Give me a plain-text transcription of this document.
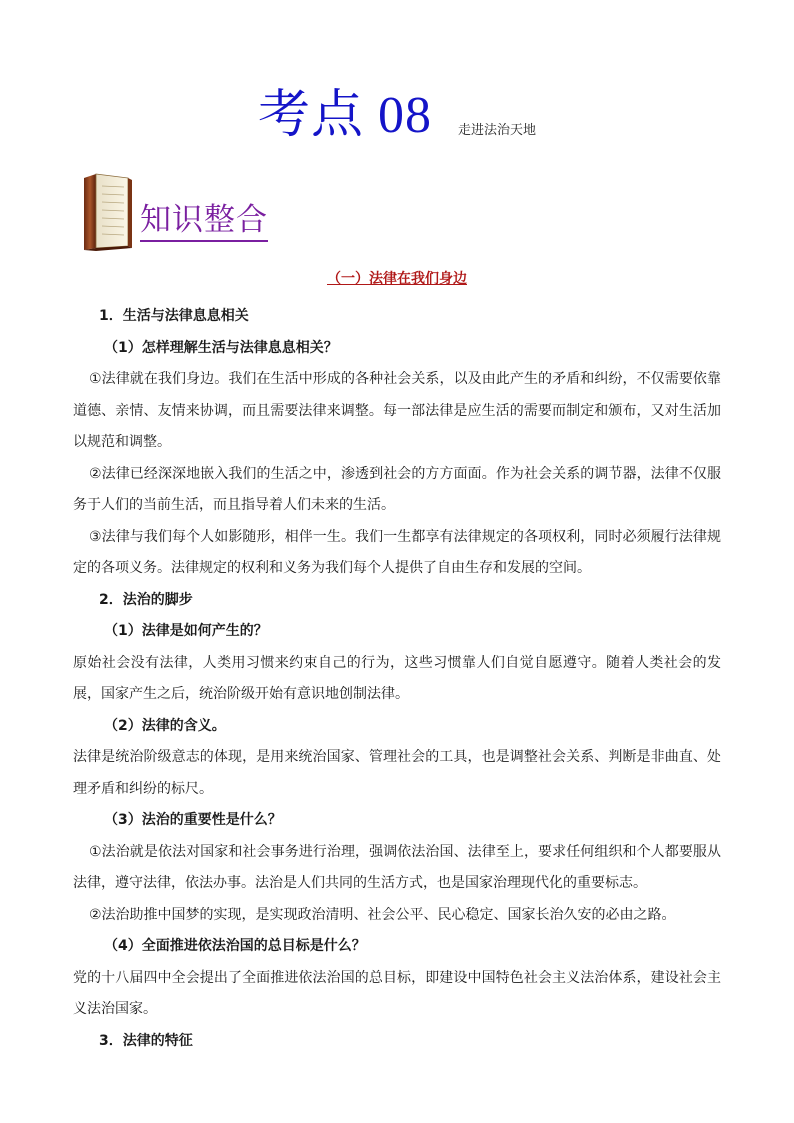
考点 08 走进法治天地
知识整合
（一）法律在我们身边

1．生活与法律息息相关

（1）怎样理解生活与法律息息相关？

①法律就在我们身边。我们在生活中形成的各种社会关系，以及由此产生的矛盾和纠纷，不仅需要依靠道德、亲情、友情来协调，而且需要法律来调整。每一部法律是应生活的需要而制定和颁布，又对生活加以规范和调整。

②法律已经深深地嵌入我们的生活之中，渗透到社会的方方面面。作为社会关系的调节器，法律不仅服务于人们的当前生活，而且指导着人们未来的生活。

③法律与我们每个人如影随形，相伴一生。我们一生都享有法律规定的各项权利，同时必须履行法律规定的各项义务。法律规定的权利和义务为我们每个人提供了自由生存和发展的空间。

2．法治的脚步

（1）法律是如何产生的？

原始社会没有法律，人类用习惯来约束自己的行为，这些习惯靠人们自觉自愿遵守。随着人类社会的发展，国家产生之后，统治阶级开始有意识地创制法律。

（2）法律的含义。

法律是统治阶级意志的体现，是用来统治国家、管理社会的工具，也是调整社会关系、判断是非曲直、处理矛盾和纠纷的标尺。

（3）法治的重要性是什么？

①法治就是依法对国家和社会事务进行治理，强调依法治国、法律至上，要求任何组织和个人都要服从法律，遵守法律，依法办事。法治是人们共同的生活方式，也是国家治理现代化的重要标志。

②法治助推中国梦的实现，是实现政治清明、社会公平、民心稳定、国家长治久安的必由之路。

（4）全面推进依法治国的总目标是什么？

党的十八届四中全会提出了全面推进依法治国的总目标，即建设中国特色社会主义法治体系，建设社会主义法治国家。

3．法律的特征
